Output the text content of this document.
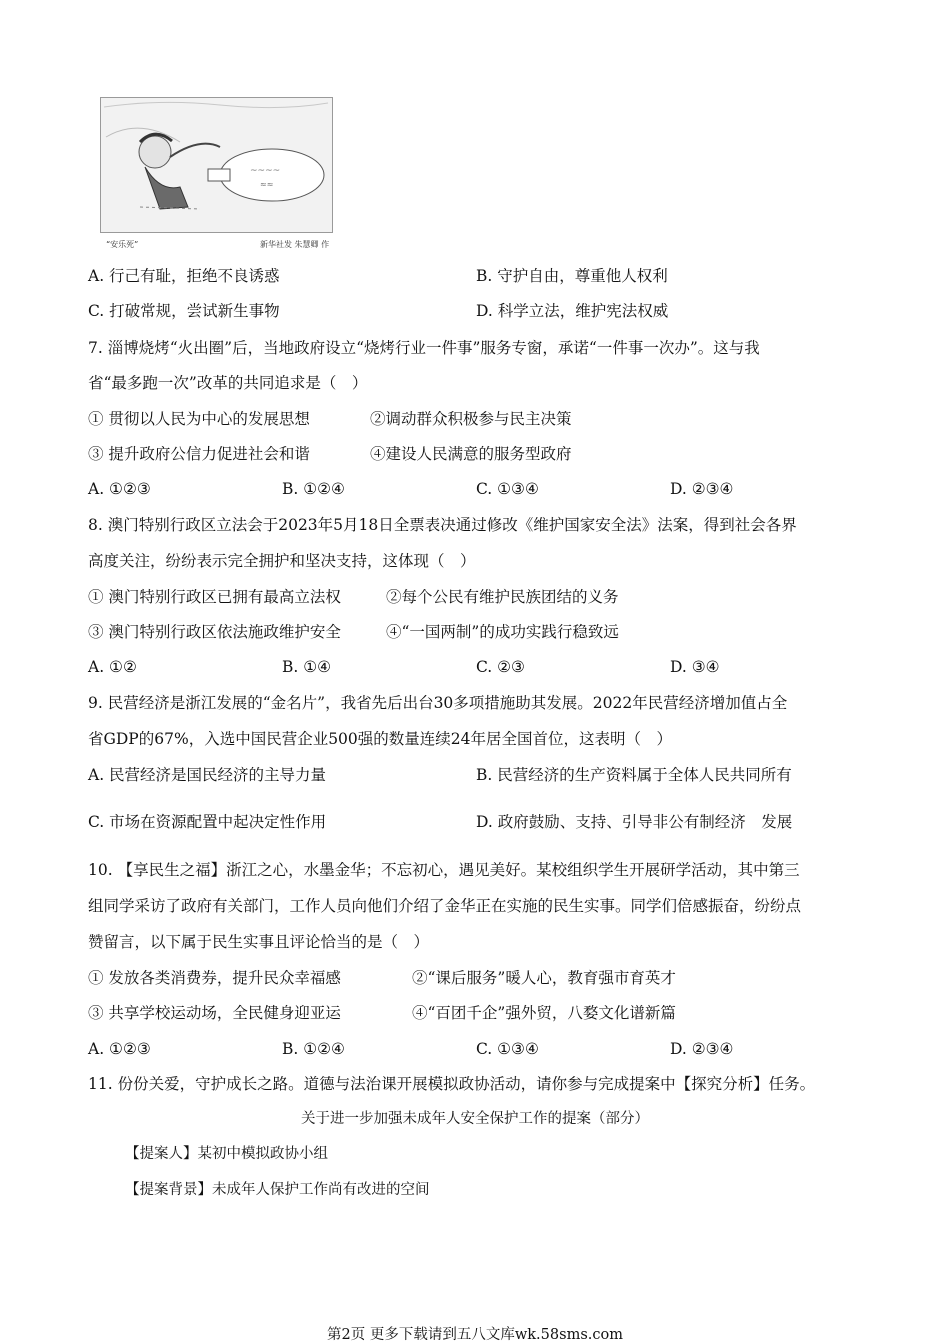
~~~~
≈≈
“安乐死”	新华社发 朱慧卿 作
A. 行己有耻，拒绝不良诱惑	B. 守护自由，尊重他人权利
C. 打破常规，尝试新生事物	D. 科学立法，维护宪法权威
7. 淄博烧烤“火出圈”后，当地政府设立“烧烤行业一件事”服务专窗，承诺“一件事一次办”。这与我
省“最多跑一次”改革的共同追求是（　）
① 贯彻以人民为中心的发展思想	②调动群众积极参与民主决策
③ 提升政府公信力促进社会和谐	④建设人民满意的服务型政府
A. ①②③	B. ①②④	C. ①③④	D. ②③④
8. 澳门特别行政区立法会于2023年5月18日全票表决通过修改《维护国家安全法》法案，得到社会各界
高度关注，纷纷表示完全拥护和坚决支持，这体现（　）
① 澳门特别行政区已拥有最高立法权	②每个公民有维护民族团结的义务
③ 澳门特别行政区依法施政维护安全	④“一国两制”的成功实践行稳致远
A. ①②	B. ①④	C. ②③	D. ③④
9. 民营经济是浙江发展的“金名片”，我省先后出台30多项措施助其发展。2022年民营经济增加值占全
省GDP的67%，入选中国民营企业500强的数量连续24年居全国首位，这表明（　）
A. 民营经济是国民经济的主导力量	B. 民营经济的生产资料属于全体人民共同所有
C. 市场在资源配置中起决定性作用	D. 政府鼓励、支持、引导非公有制经济　发展
10. 【享民生之福】浙江之心，水墨金华；不忘初心，遇见美好。某校组织学生开展研学活动，其中第三
组同学采访了政府有关部门，工作人员向他们介绍了金华正在实施的民生实事。同学们倍感振奋，纷纷点
赞留言，以下属于民生实事且评论恰当的是（　）
① 发放各类消费券，提升民众幸福感	②“课后服务”暖人心，教育强市育英才
③ 共享学校运动场，全民健身迎亚运	④“百团千企”强外贸，八婺文化谱新篇
A. ①②③	B. ①②④	C. ①③④	D. ②③④
11. 份份关爱，守护成长之路。道德与法治课开展模拟政协活动，请你参与完成提案中【探究分析】任务。
关于进一步加强未成年人安全保护工作的提案（部分）
【提案人】某初中模拟政协小组
【提案背景】未成年人保护工作尚有改进的空间
第2页 更多下载请到五八文库wk.58sms.com
